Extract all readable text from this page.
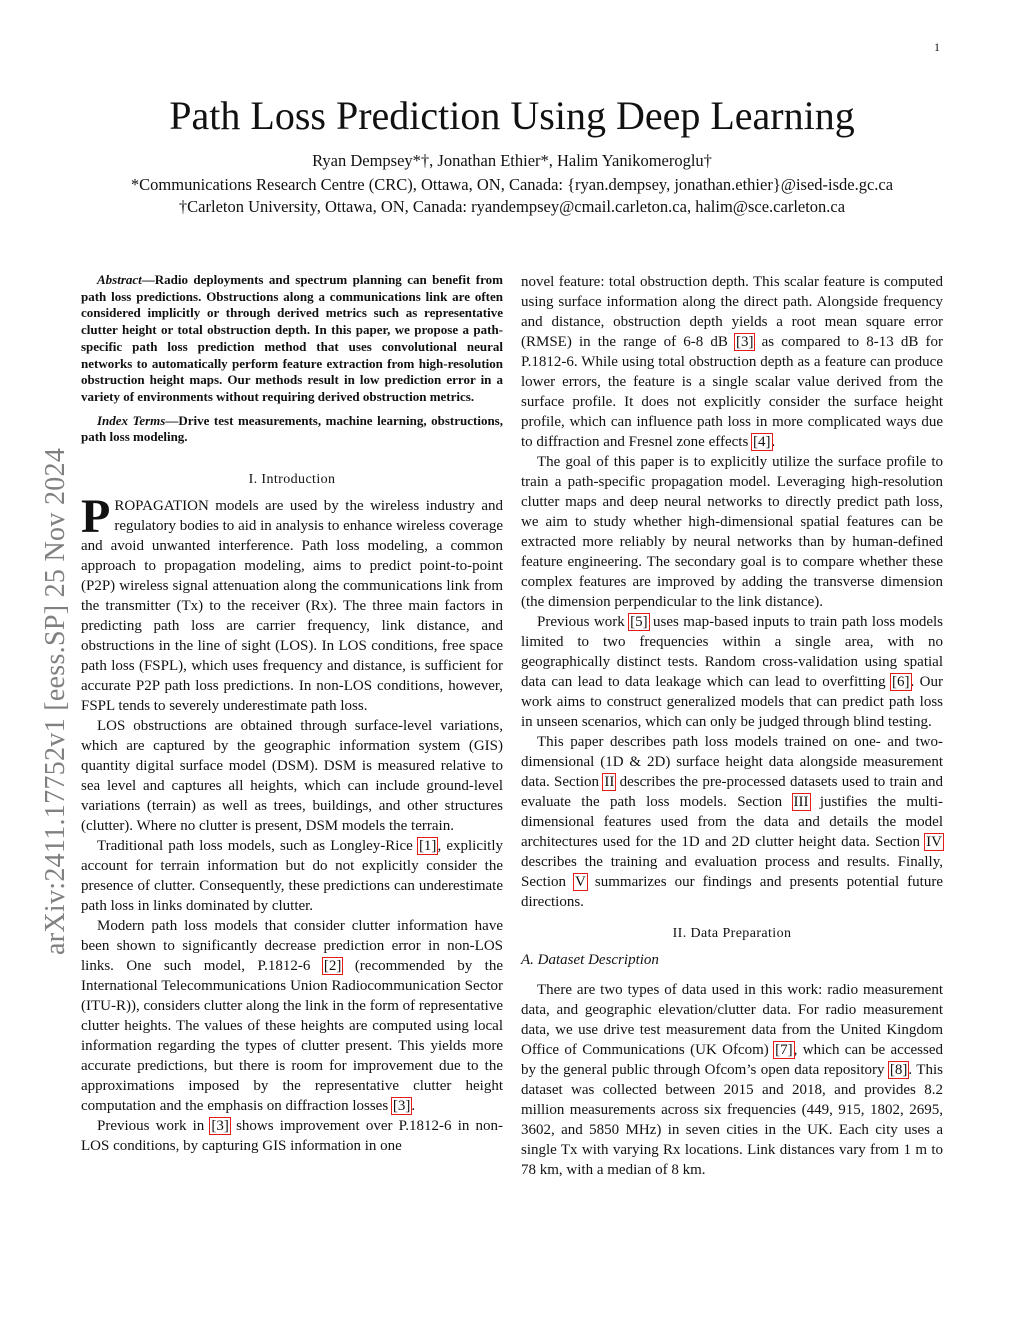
1
arXiv:2411.17752v1 [eess.SP] 25 Nov 2024
Path Loss Prediction Using Deep Learning
Ryan Dempsey*†, Jonathan Ethier*, Halim Yanikomeroglu†
*Communications Research Centre (CRC), Ottawa, ON, Canada: {ryan.dempsey, jonathan.ethier}@ised-isde.gc.ca
†Carleton University, Ottawa, ON, Canada: ryandempsey@cmail.carleton.ca, halim@sce.carleton.ca
Abstract—Radio deployments and spectrum planning can benefit from path loss predictions. Obstructions along a communications link are often considered implicitly or through derived metrics such as representative clutter height or total obstruction depth. In this paper, we propose a path-specific path loss prediction method that uses convolutional neural networks to automatically perform feature extraction from high-resolution obstruction height maps. Our methods result in low prediction error in a variety of environments without requiring derived obstruction metrics.
Index Terms—Drive test measurements, machine learning, obstructions, path loss modeling.
I. Introduction

PROPAGATION models are used by the wireless industry and regulatory bodies to aid in analysis to enhance wireless coverage and avoid unwanted interference. Path loss modeling, a common approach to propagation modeling, aims to predict point-to-point (P2P) wireless signal attenuation along the communications link from the transmitter (Tx) to the receiver (Rx). The three main factors in predicting path loss are carrier frequency, link distance, and obstructions in the line of sight (LOS). In LOS conditions, free space path loss (FSPL), which uses frequency and distance, is sufficient for accurate P2P path loss predictions. In non-LOS conditions, however, FSPL tends to severely underestimate path loss.

LOS obstructions are obtained through surface-level variations, which are captured by the geographic information system (GIS) quantity digital surface model (DSM). DSM is measured relative to sea level and captures all heights, which can include ground-level variations (terrain) as well as trees, buildings, and other structures (clutter). Where no clutter is present, DSM models the terrain.

Traditional path loss models, such as Longley-Rice [1], explicitly account for terrain information but do not explicitly consider the presence of clutter. Consequently, these predictions can underestimate path loss in links dominated by clutter.

Modern path loss models that consider clutter information have been shown to significantly decrease prediction error in non-LOS links. One such model, P.1812-6 [2] (recommended by the International Telecommunications Union Radiocommunication Sector (ITU-R)), considers clutter along the link in the form of representative clutter heights. The values of these heights are computed using local information regarding the types of clutter present. This yields more accurate predictions, but there is room for improvement due to the approximations imposed by the representative clutter height computation and the emphasis on diffraction losses [3].

Previous work in [3] shows improvement over P.1812-6 in non-LOS conditions, by capturing GIS information in one

novel feature: total obstruction depth. This scalar feature is computed using surface information along the direct path. Alongside frequency and distance, obstruction depth yields a root mean square error (RMSE) in the range of 6-8 dB [3] as compared to 8-13 dB for P.1812-6. While using total obstruction depth as a feature can produce lower errors, the feature is a single scalar value derived from the surface profile. It does not explicitly consider the surface height profile, which can influence path loss in more complicated ways due to diffraction and Fresnel zone effects [4].

The goal of this paper is to explicitly utilize the surface profile to train a path-specific propagation model. Leveraging high-resolution clutter maps and deep neural networks to directly predict path loss, we aim to study whether high-dimensional spatial features can be extracted more reliably by neural networks than by human-defined feature engineering. The secondary goal is to compare whether these complex features are improved by adding the transverse dimension (the dimension perpendicular to the link distance).

Previous work [5] uses map-based inputs to train path loss models limited to two frequencies within a single area, with no geographically distinct tests. Random cross-validation using spatial data can lead to data leakage which can lead to overfitting [6]. Our work aims to construct generalized models that can predict path loss in unseen scenarios, which can only be judged through blind testing.

This paper describes path loss models trained on one- and two-dimensional (1D & 2D) surface height data alongside measurement data. Section II describes the pre-processed datasets used to train and evaluate the path loss models. Section III justifies the multi-dimensional features used from the data and details the model architectures used for the 1D and 2D clutter height data. Section IV describes the training and evaluation process and results. Finally, Section V summarizes our findings and presents potential future directions.

II. Data Preparation
A. Dataset Description

There are two types of data used in this work: radio measurement data, and geographic elevation/clutter data. For radio measurement data, we use drive test measurement data from the United Kingdom Office of Communications (UK Ofcom) [7], which can be accessed by the general public through Ofcom’s open data repository [8]. This dataset was collected between 2015 and 2018, and provides 8.2 million measurements across six frequencies (449, 915, 1802, 2695, 3602, and 5850 MHz) in seven cities in the UK. Each city uses a single Tx with varying Rx locations. Link distances vary from 1 m to 78 km, with a median of 8 km.
